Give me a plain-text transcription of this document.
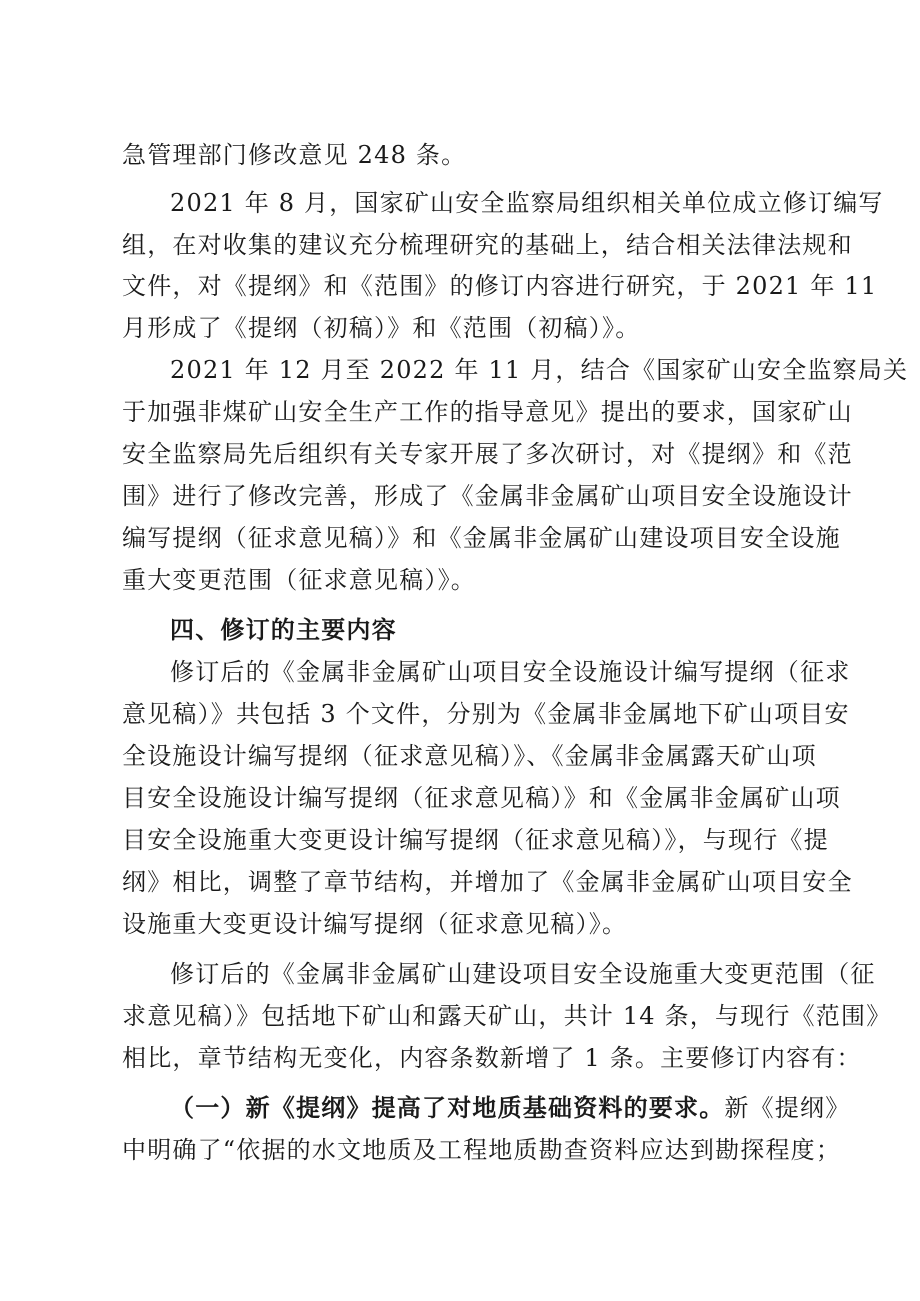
急管理部门修改意见 248 条。
2021 年 8 月，国家矿山安全监察局组织相关单位成立修订编写
组，在对收集的建议充分梳理研究的基础上，结合相关法律法规和
文件，对《提纲》和《范围》的修订内容进行研究，于 2021 年 11
月形成了《提纲（初稿）》和《范围（初稿）》。
2021 年 12 月至 2022 年 11 月，结合《国家矿山安全监察局关
于加强非煤矿山安全生产工作的指导意见》提出的要求，国家矿山
安全监察局先后组织有关专家开展了多次研讨，对《提纲》和《范
围》进行了修改完善，形成了《金属非金属矿山项目安全设施设计
编写提纲（征求意见稿）》和《金属非金属矿山建设项目安全设施
重大变更范围（征求意见稿）》。
四、修订的主要内容
修订后的《金属非金属矿山项目安全设施设计编写提纲（征求
意见稿）》共包括 3 个文件，分别为《金属非金属地下矿山项目安
全设施设计编写提纲（征求意见稿）》、《金属非金属露天矿山项
目安全设施设计编写提纲（征求意见稿）》和《金属非金属矿山项
目安全设施重大变更设计编写提纲（征求意见稿）》，与现行《提
纲》相比，调整了章节结构，并增加了《金属非金属矿山项目安全
设施重大变更设计编写提纲（征求意见稿）》。
修订后的《金属非金属矿山建设项目安全设施重大变更范围（征
求意见稿）》包括地下矿山和露天矿山，共计 14 条，与现行《范围》
相比，章节结构无变化，内容条数新增了 1 条。主要修订内容有：
（一）新《提纲》提高了对地质基础资料的要求。新《提纲》
中明确了“依据的水文地质及工程地质勘查资料应达到勘探程度；
